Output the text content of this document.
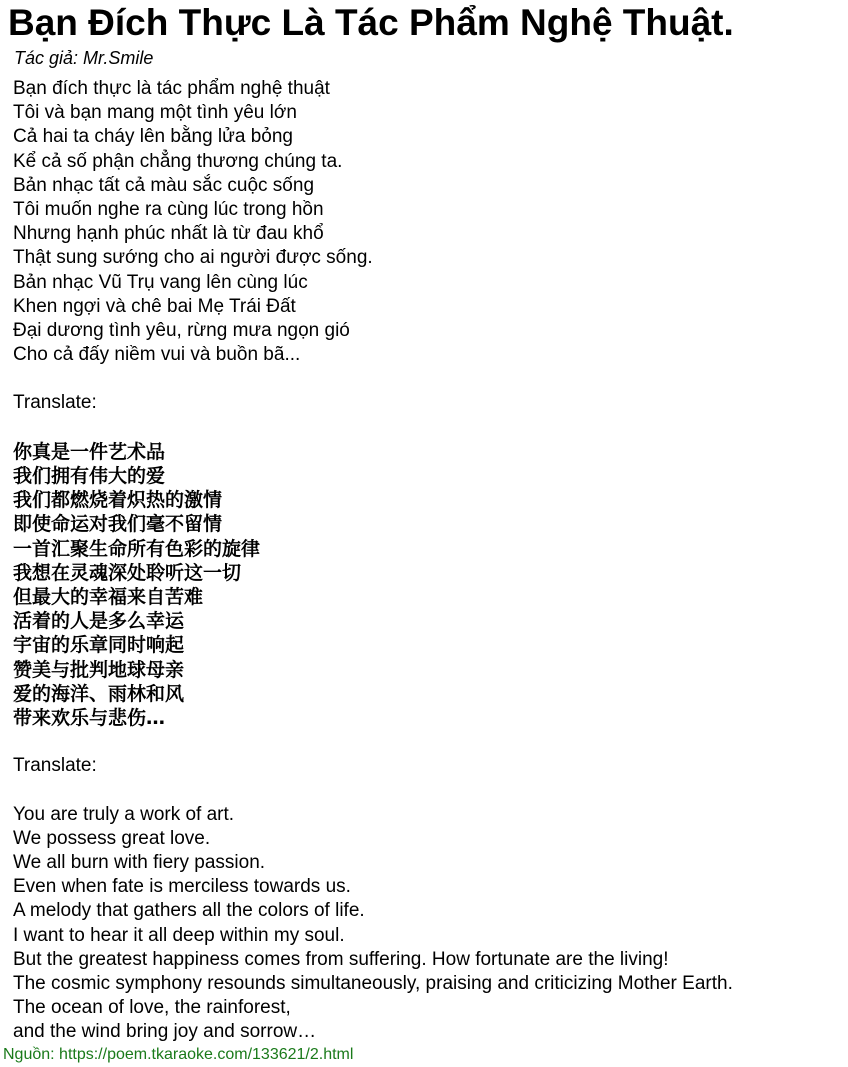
Bạn Đích Thực Là Tác Phẩm Nghệ Thuật.
Tác giả: Mr.Smile
Bạn đích thực là tác phẩm nghệ thuật
Tôi và bạn mang một tình yêu lớn
Cả hai ta cháy lên bằng lửa bỏng
Kể cả số phận chẳng thương chúng ta.
Bản nhạc tất cả màu sắc cuộc sống
Tôi muốn nghe ra cùng lúc trong hồn
Nhưng hạnh phúc nhất là từ đau khổ
Thật sung sướng cho ai người được sống.
Bản nhạc Vũ Trụ vang lên cùng lúc
Khen ngợi và chê bai Mẹ Trái Đất
Đại dương tình yêu, rừng mưa ngọn gió
Cho cả đấy niềm vui và buồn bã...
Translate:
你真是一件艺术品
我们拥有伟大的爱
我们都燃烧着炽热的激情
即使命运对我们毫不留情
一首汇聚生命所有色彩的旋律
我想在灵魂深处聆听这一切
但最大的幸福来自苦难
活着的人是多么幸运
宇宙的乐章同时响起
赞美与批判地球母亲
爱的海洋、雨林和风
带来欢乐与悲伤…
Translate:
You are truly a work of art.
We possess great love.
We all burn with fiery passion.
Even when fate is merciless towards us.
A melody that gathers all the colors of life.
I want to hear it all deep within my soul.
But the greatest happiness comes from suffering. How fortunate are the living!
The cosmic symphony resounds simultaneously, praising and criticizing Mother Earth.
The ocean of love, the rainforest,
and the wind bring joy and sorrow…
Nguồn: https://poem.tkaraoke.com/133621/2.html
